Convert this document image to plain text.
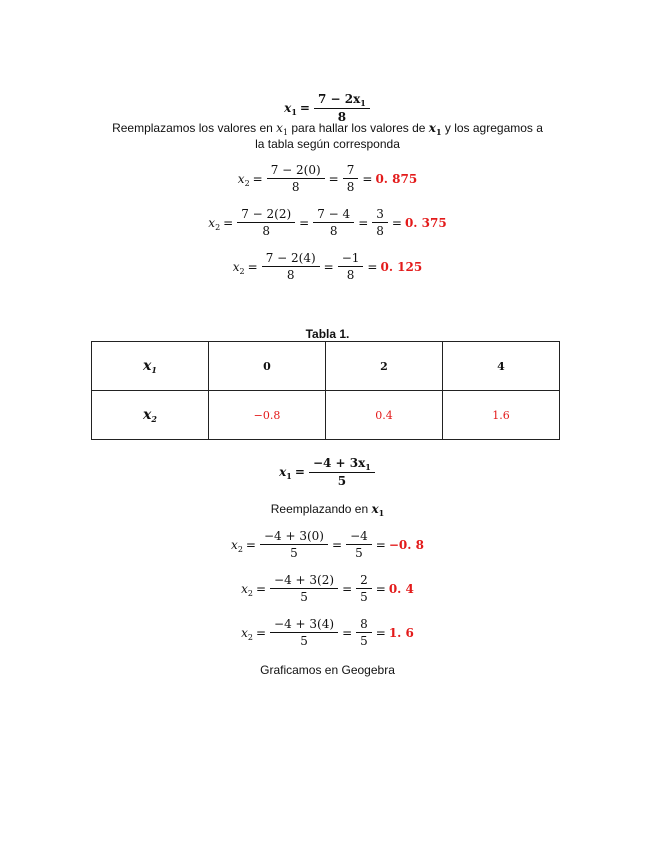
$x_1 = \frac{7 - 2x_1}{8}$
Reemplazamos los valores en $x_1$ para hallar los valores de $x_1$ y los agregamos a
la tabla según corresponda
$x_2 = \frac{7 - 2(0)}{8} = \frac{7}{8} = 0$. 875
$x_2 = \frac{7 - 2(2)}{8} = \frac{7 - 4}{8} = \frac{3}{8} = 0$. 375
$x_2 = \frac{7 - 2(4)}{8} = \frac{-1}{8} = 0$. 125
Tabla 1.
$x_1$	0	2	4
$x_2$	−0.8	0.4	1.6
$x_1 = \frac{-4 + 3x_1}{5}$
Reemplazando en $x_1$
$x_2 = \frac{-4 + 3(0)}{5} = \frac{-4}{5} = -0$. 8
$x_2 = \frac{-4 + 3(2)}{5} = \frac{2}{5} = 0$. 4
$x_2 = \frac{-4 + 3(4)}{5} = \frac{8}{5} = 1$. 6
Graficamos en Geogebra
